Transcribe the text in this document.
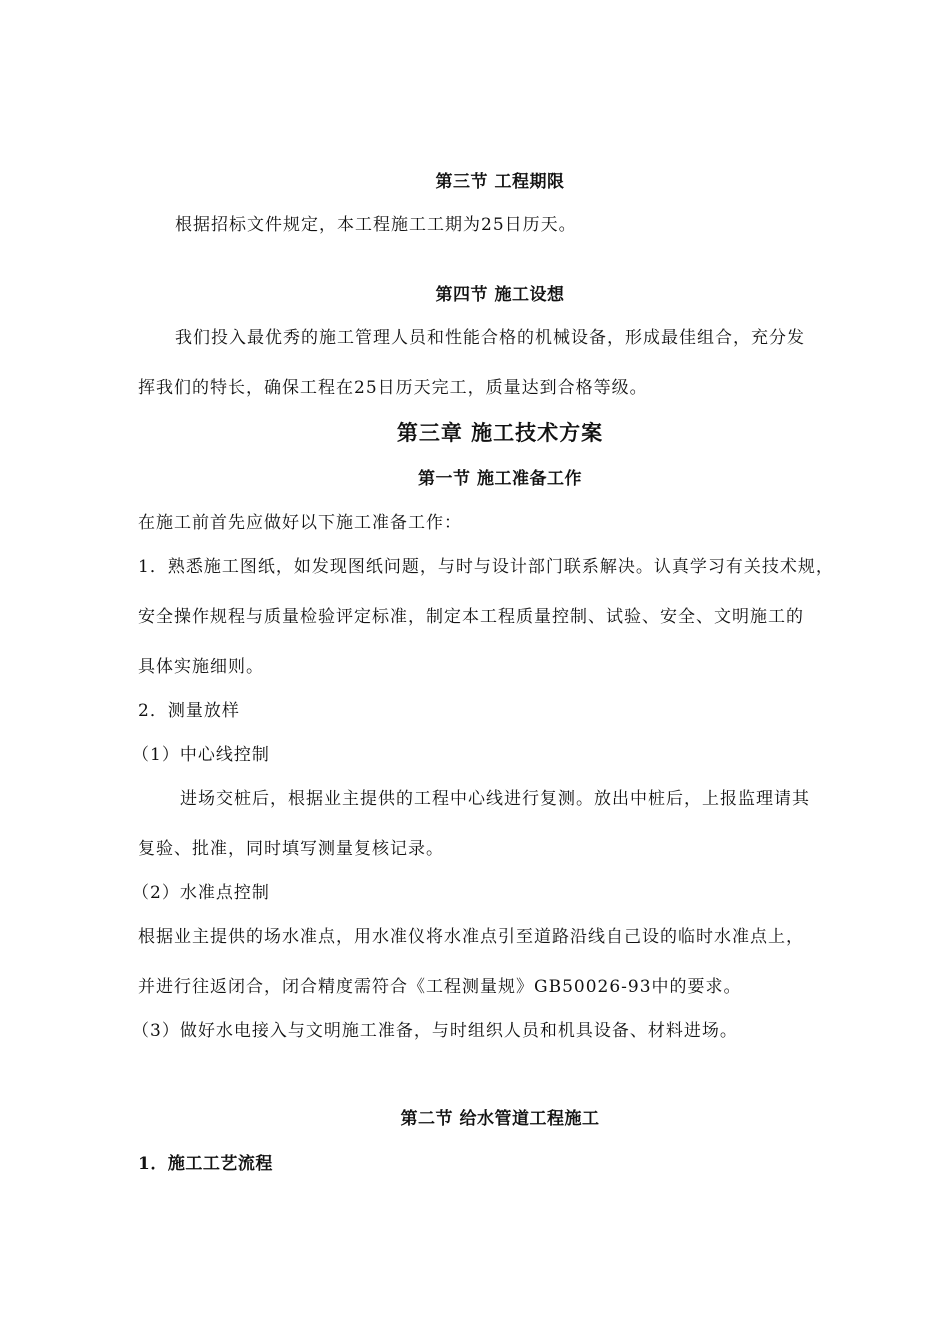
第三节 工程期限
根据招标文件规定，本工程施工工期为25日历天。
第四节 施工设想
我们投入最优秀的施工管理人员和性能合格的机械设备，形成最佳组合，充分发
挥我们的特长，确保工程在25日历天完工，质量达到合格等级。
第三章 施工技术方案
第一节 施工准备工作
在施工前首先应做好以下施工准备工作：
1．熟悉施工图纸，如发现图纸问题，与时与设计部门联系解决。认真学习有关技术规，
安全操作规程与质量检验评定标准，制定本工程质量控制、试验、安全、文明施工的
具体实施细则。
2．测量放样
（1）中心线控制
进场交桩后，根据业主提供的工程中心线进行复测。放出中桩后，上报监理请其
复验、批准，同时填写测量复核记录。
（2）水准点控制
根据业主提供的场水准点，用水准仪将水准点引至道路沿线自己设的临时水准点上，
并进行往返闭合，闭合精度需符合《工程测量规》GB50026-93中的要求。
（3）做好水电接入与文明施工准备，与时组织人员和机具设备、材料进场。
第二节 给水管道工程施工
1．施工工艺流程
